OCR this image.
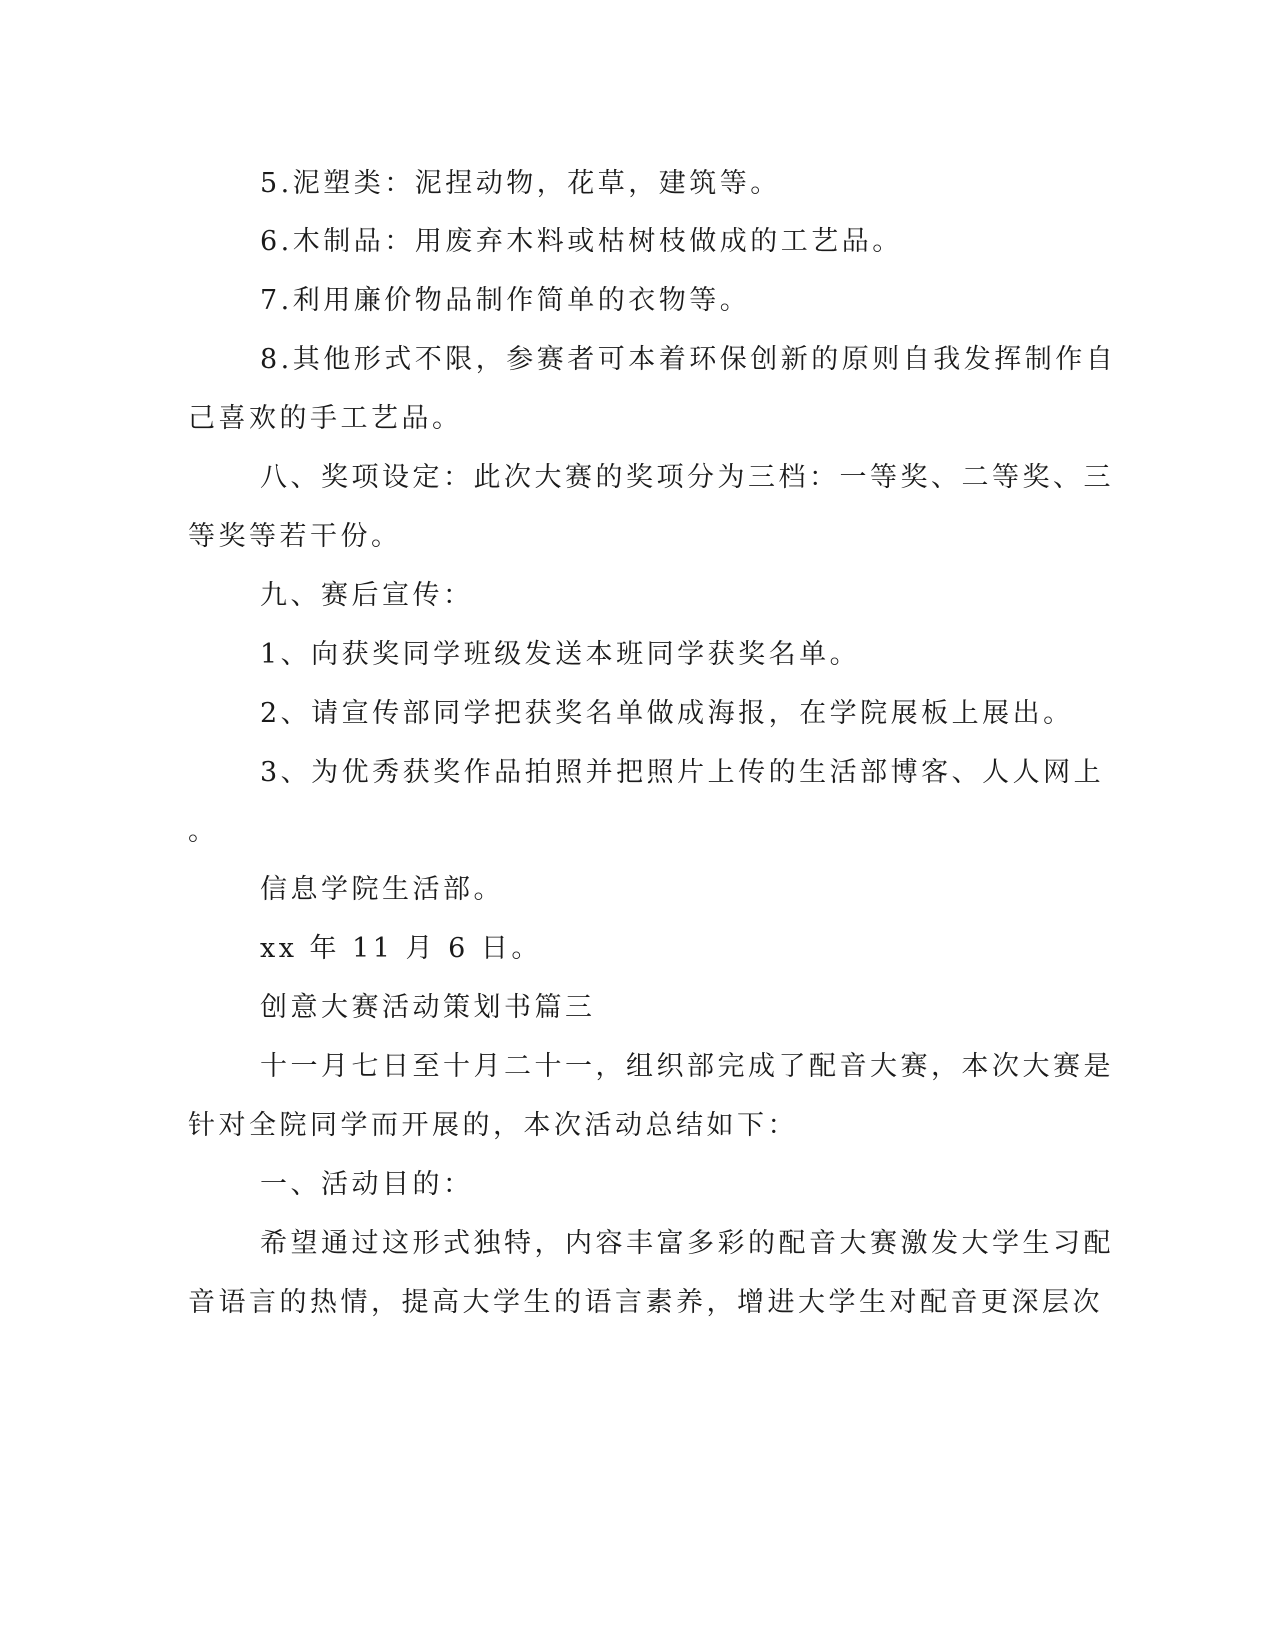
5.泥塑类：泥捏动物，花草，建筑等。

6.木制品：用废弃木料或枯树枝做成的工艺品。

7.利用廉价物品制作简单的衣物等。

8.其他形式不限，参赛者可本着环保创新的原则自我发挥制作自

己喜欢的手工艺品。

八、奖项设定：此次大赛的奖项分为三档：一等奖、二等奖、三

等奖等若干份。

九、赛后宣传：

1、向获奖同学班级发送本班同学获奖名单。

2、请宣传部同学把获奖名单做成海报，在学院展板上展出。

3、为优秀获奖作品拍照并把照片上传的生活部博客、人人网上

。

信息学院生活部。

xx 年 11 月 6 日。

创意大赛活动策划书篇三

十一月七日至十月二十一，组织部完成了配音大赛，本次大赛是

针对全院同学而开展的，本次活动总结如下：

一、活动目的：

希望通过这形式独特，内容丰富多彩的配音大赛激发大学生习配

音语言的热情，提高大学生的语言素养，增进大学生对配音更深层次
